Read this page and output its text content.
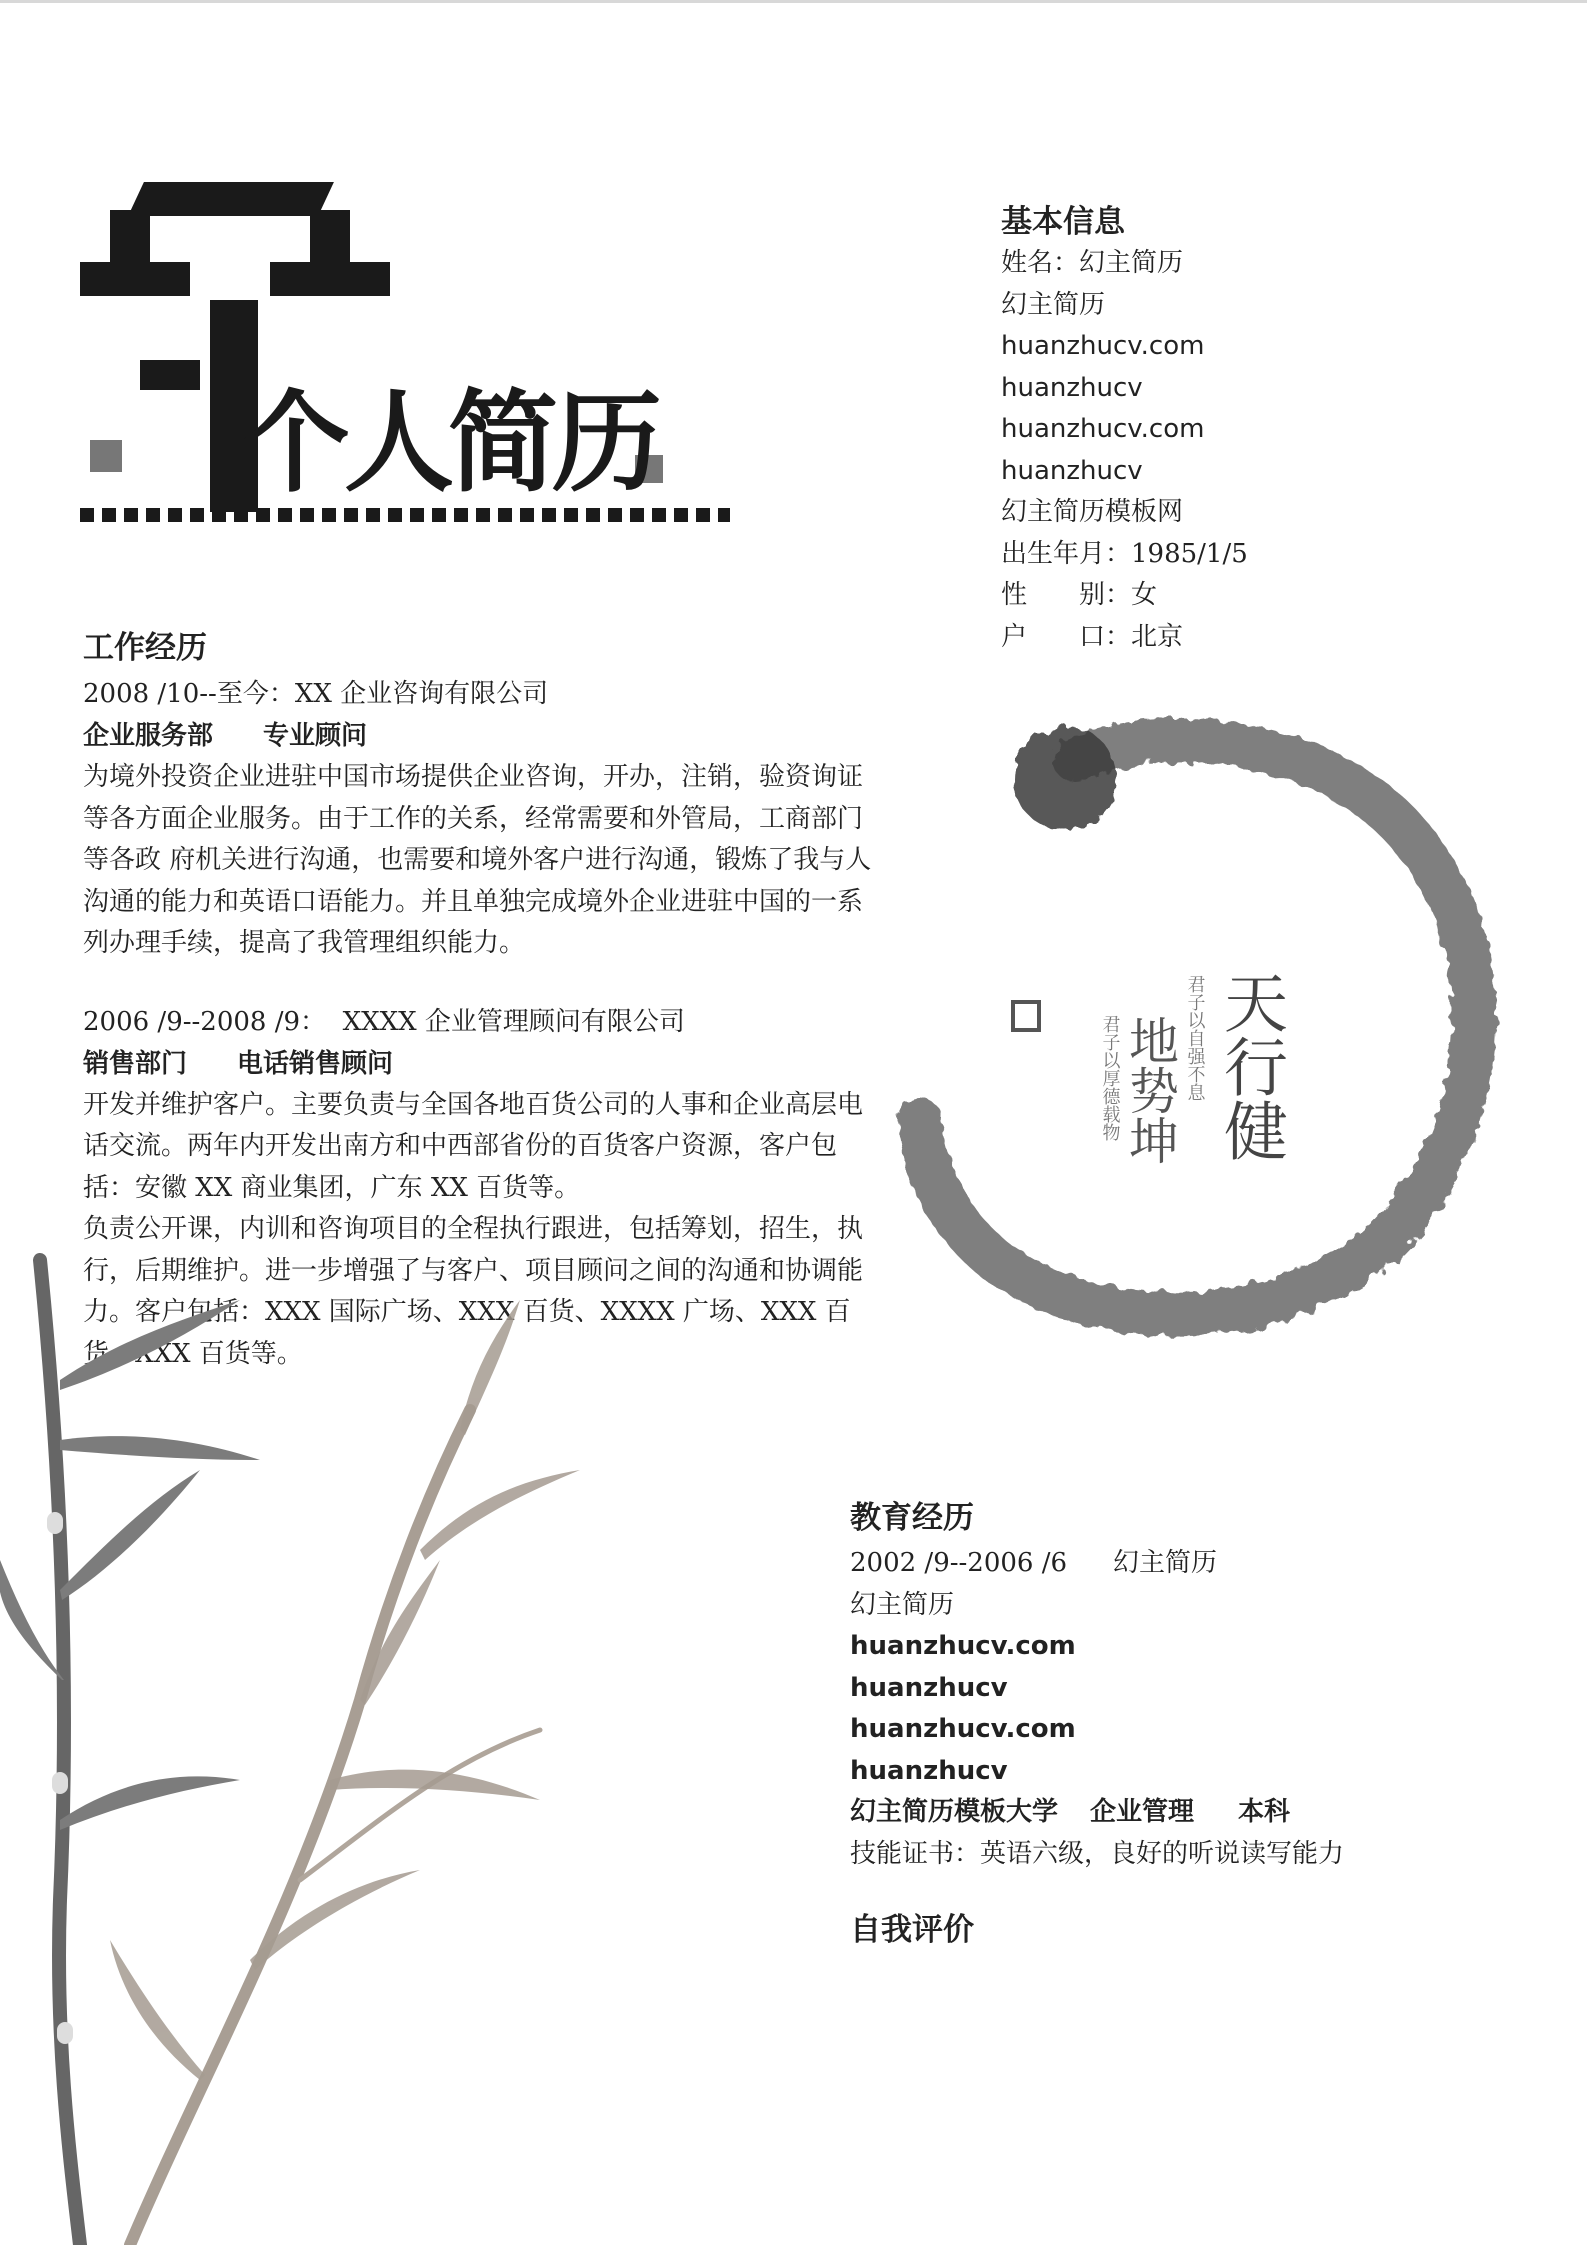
个人简历
基本信息

姓名：幻主简历

幻主简历

huanzhucv.com

huanzhucv

huanzhucv.com

huanzhucv

幻主简历模板网

出生年月：1985/1/5

性　　别：女

户　　口：北京

天行健
地势坤 君子以自强不息
君子以厚德载物
工作经历

2008 /10--至今：XX 企业咨询有限公司

企业服务部 专业顾问

为境外投资企业进驻中国市场提供企业咨询，开办，注销，验资询证等各方面企业服务。由于工作的关系，经常需要和外管局，工商部门等各政 府机关进行沟通，也需要和境外客户进行沟通，锻炼了我与人沟通的能力和英语口语能力。并且单独完成境外企业进驻中国的一系列办理手续，提高了我管理组织能力。

2006 /9--2008 /9：  XXXX 企业管理顾问有限公司

销售部门 电话销售顾问

开发并维护客户。主要负责与全国各地百货公司的人事和企业高层电话交流。两年内开发出南方和中西部省份的百货客户资源，客户包括：安徽 XX 商业集团，广东 XX 百货等。

负责公开课，内训和咨询项目的全程执行跟进，包括筹划，招生，执行，后期维护。进一步增强了与客户、项目顾问之间的沟通和协调能力。客户包括：XXX 国际广场、XXX 百货、XXXX 广场、XXX 百货、XXX 百货等。

教育经历

2002 /9--2006 /6 幻主简历

幻主简历

huanzhucv.com

huanzhucv

huanzhucv.com

huanzhucv

幻主简历模板大学 企业管理 本科

技能证书：英语六级，良好的听说读写能力

自我评价
